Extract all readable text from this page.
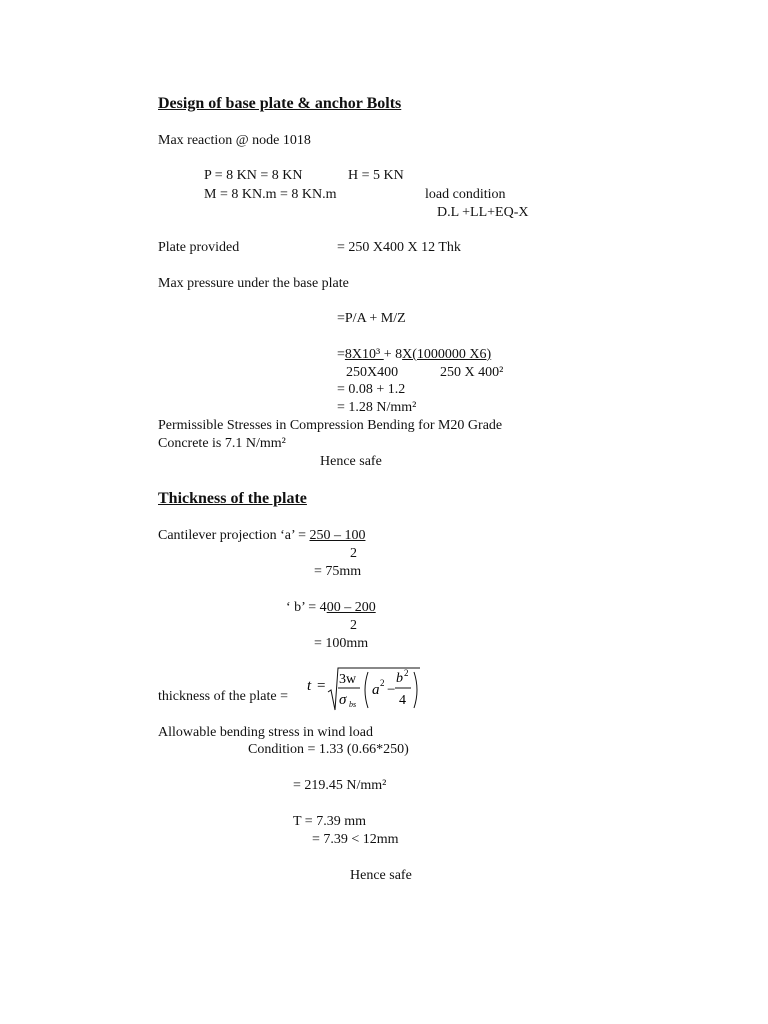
Design of base plate & anchor Bolts
Max reaction @ node 1018
P = 8 KN = 8 KN	H = 5 KN
M = 8 KN.m = 8 KN.m	load condition
D.L +LL+EQ-X
Plate provided	= 250 X400 X 12 Thk
Max pressure under the base plate
=P/A + M/Z
=8X10³ + 8X(1000000 X6)
250X400	250 X 400²
= 0.08 + 1.2
= 1.28 N/mm²
Permissible Stresses in Compression Bending for M20 Grade
Concrete is 7.1 N/mm²
Hence safe
Thickness of the plate
Cantilever projection ‘a’ = 250 – 100
2
= 75mm
‘ b’ = 400 – 200
2
= 100mm
thickness of the plate =
t = 3w
σ bs
a 2 −
b 2
4
Allowable bending stress in wind load
Condition = 1.33 (0.66*250)
= 219.45 N/mm²
T = 7.39 mm
= 7.39 < 12mm
Hence safe
